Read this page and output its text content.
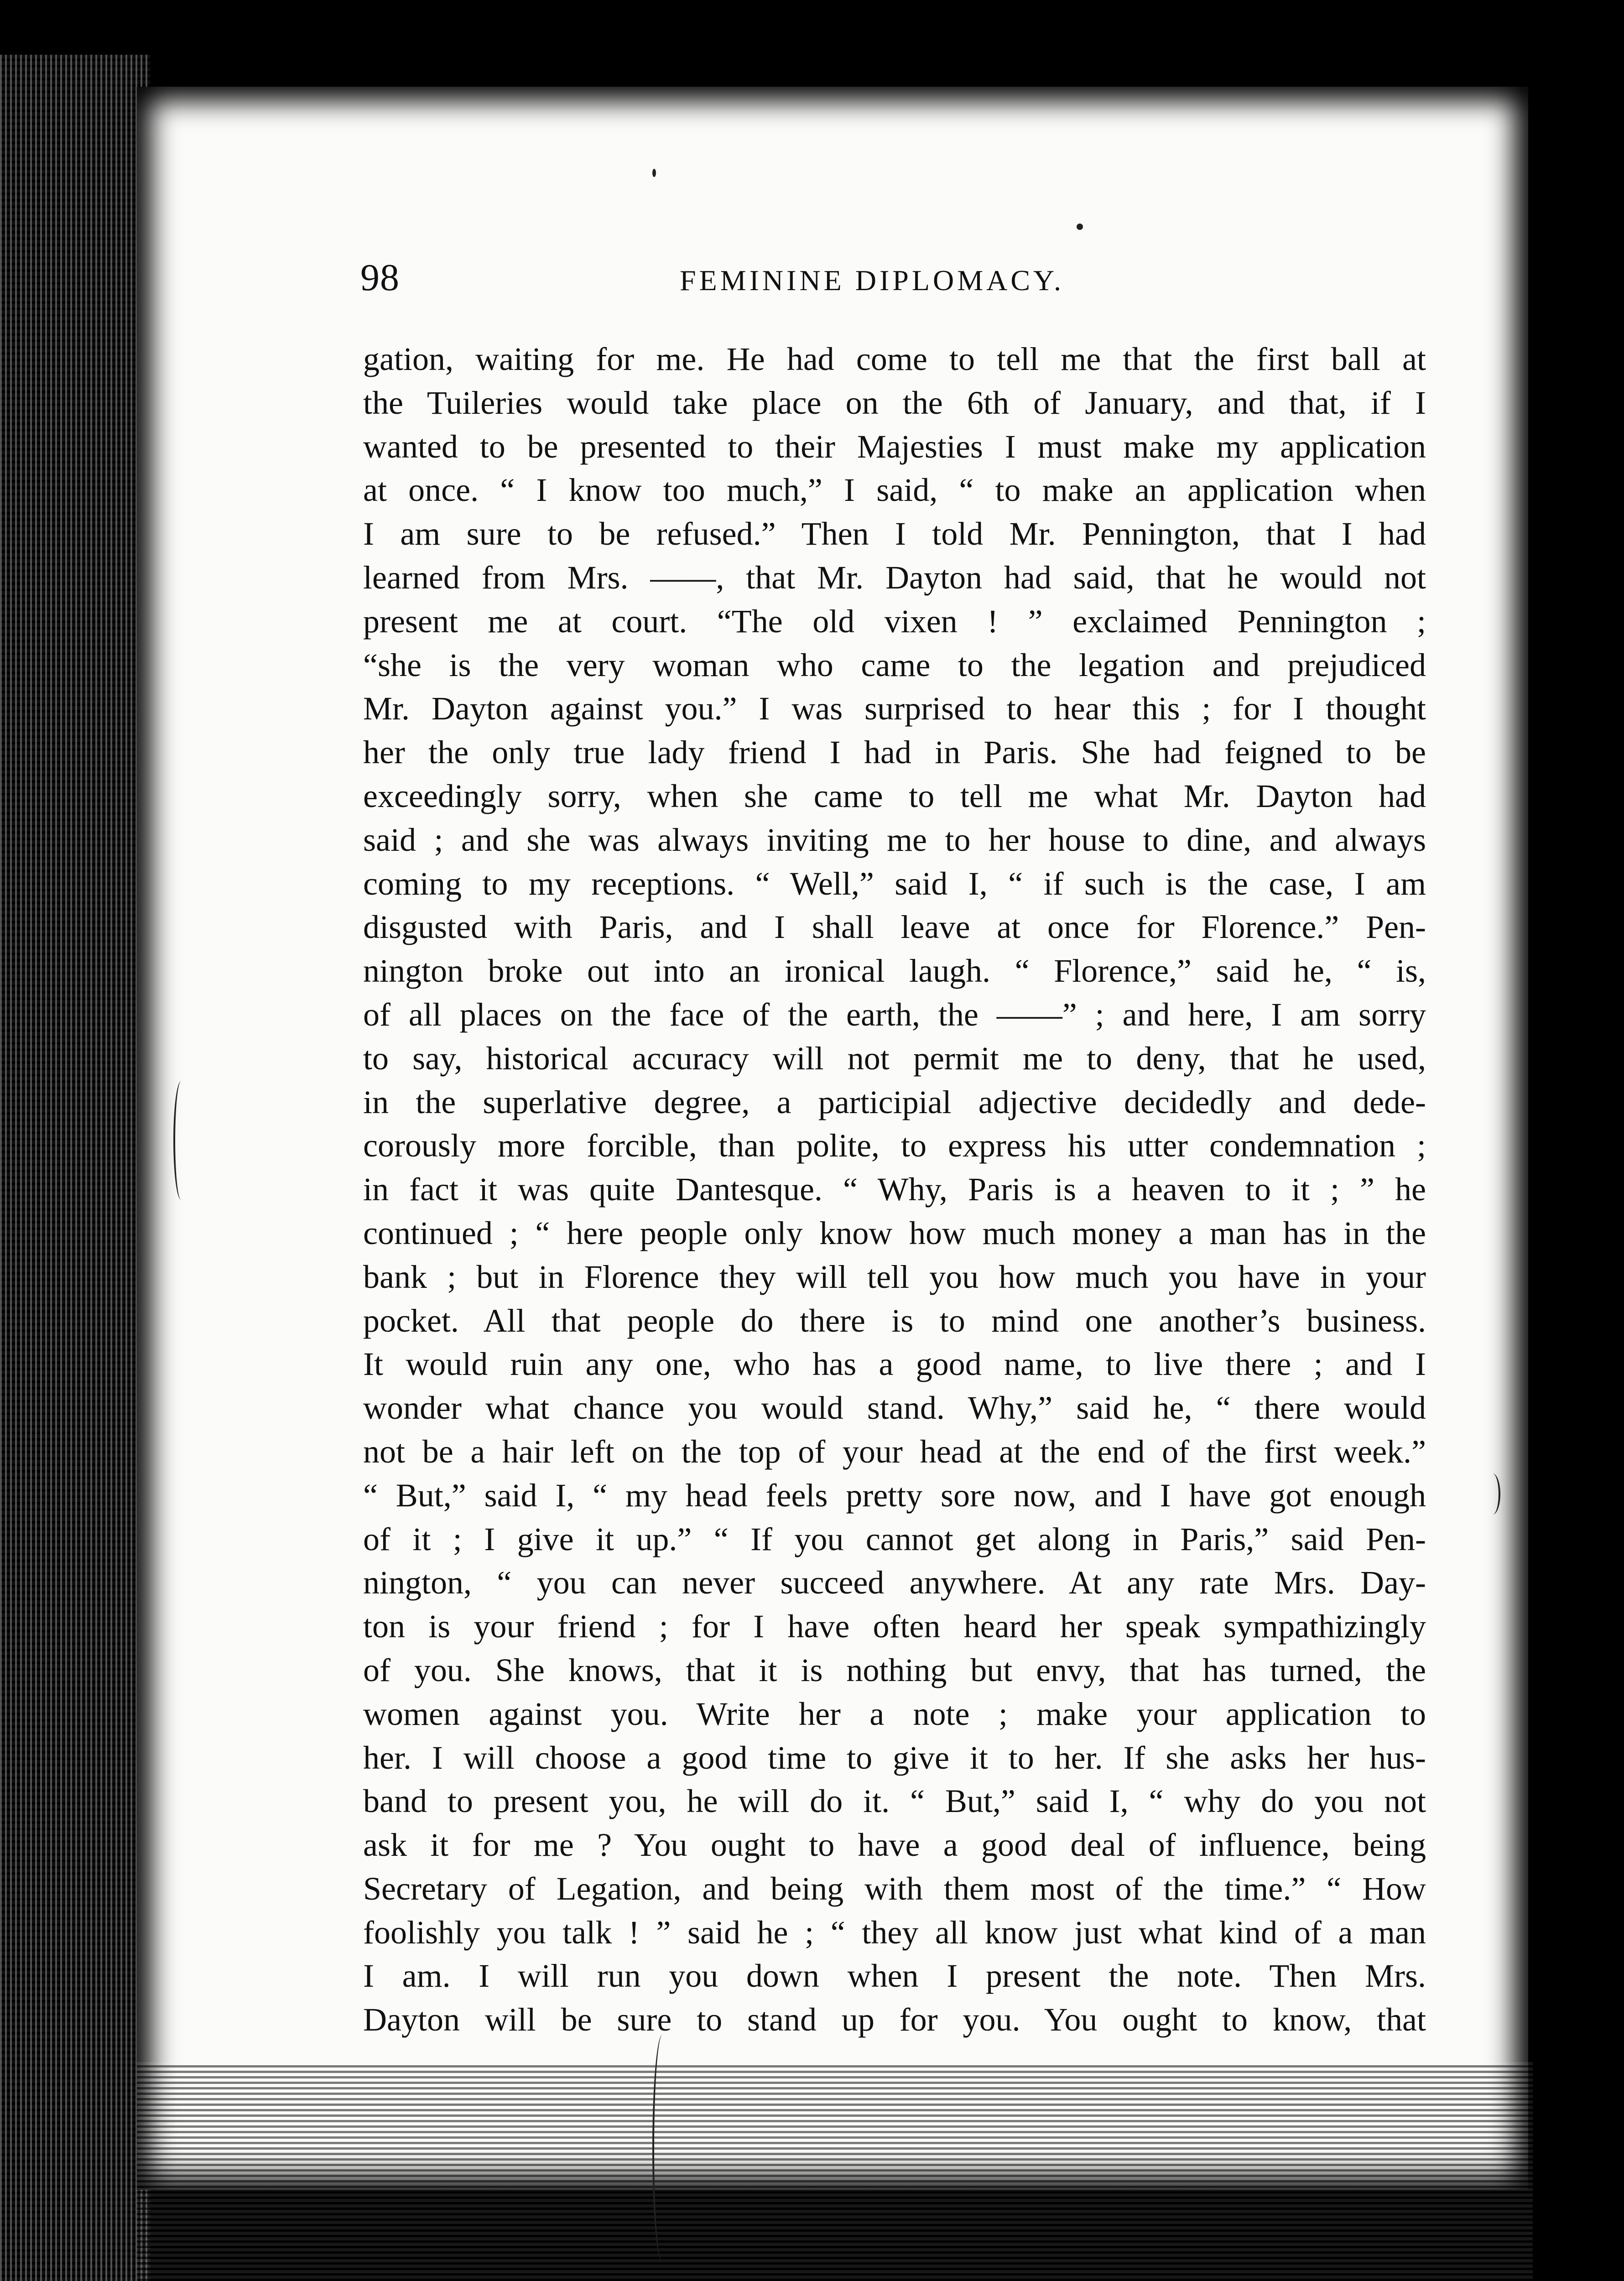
98	FEMININE DIPLOMACY.
gation, waiting for me. He had come to tell me that the first ball at
the Tuileries would take place on the 6th of January, and that, if I
wanted to be presented to their Majesties I must make my application
at once. “ I know too much,” I said, “ to make an application when
I am sure to be refused.” Then I told Mr. Pennington, that I had
learned from Mrs. ——, that Mr. Dayton had said, that he would not
present me at court. “The old vixen ! ” exclaimed Pennington ;
“she is the very woman who came to the legation and prejudiced
Mr. Dayton against you.” I was surprised to hear this ; for I thought
her the only true lady friend I had in Paris. She had feigned to be
exceedingly sorry, when she came to tell me what Mr. Dayton had
said ; and she was always inviting me to her house to dine, and always
coming to my receptions. “ Well,” said I, “ if such is the case, I am
disgusted with Paris, and I shall leave at once for Florence.” Pen-
nington broke out into an ironical laugh. “ Florence,” said he, “ is,
of all places on the face of the earth, the ——” ; and here, I am sorry
to say, historical accuracy will not permit me to deny, that he used,
in the superlative degree, a participial adjective decidedly and dede-
corously more forcible, than polite, to express his utter condemnation ;
in fact it was quite Dantesque. “ Why, Paris is a heaven to it ; ” he
continued ; “ here people only know how much money a man has in the
bank ; but in Florence they will tell you how much you have in your
pocket. All that people do there is to mind one another’s business.
It would ruin any one, who has a good name, to live there ; and I
wonder what chance you would stand. Why,” said he, “ there would
not be a hair left on the top of your head at the end of the first week.”
“ But,” said I, “ my head feels pretty sore now, and I have got enough
of it ; I give it up.” “ If you cannot get along in Paris,” said Pen-
nington, “ you can never succeed anywhere. At any rate Mrs. Day-
ton is your friend ; for I have often heard her speak sympathizingly
of you. She knows, that it is nothing but envy, that has turned, the
women against you. Write her a note ; make your application to
her. I will choose a good time to give it to her. If she asks her hus-
band to present you, he will do it. “ But,” said I, “ why do you not
ask it for me ? You ought to have a good deal of influence, being
Secretary of Legation, and being with them most of the time.” “ How
foolishly you talk ! ” said he ; “ they all know just what kind of a man
I am. I will run you down when I present the note. Then Mrs.
Dayton will be sure to stand up for you. You ought to know, that
